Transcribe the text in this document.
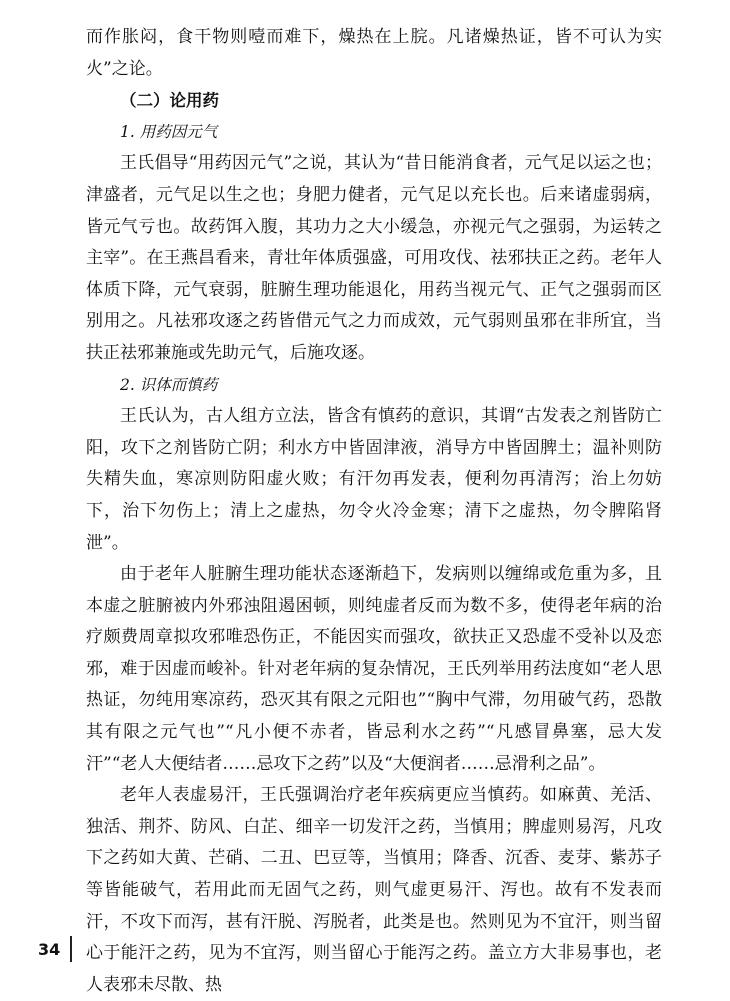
而作胀闷，食干物则噎而难下，燥热在上脘。凡诸燥热证，皆不可认为实火”之论。

（二）论用药

1. 用药因元气

王氏倡导“用药因元气”之说，其认为“昔日能消食者，元气足以运之也；津盛者，元气足以生之也；身肥力健者，元气足以充长也。后来诸虚弱病，皆元气亏也。故药饵入腹，其功力之大小缓急，亦视元气之强弱，为运转之主宰”。在王燕昌看来，青壮年体质强盛，可用攻伐、祛邪扶正之药。老年人体质下降，元气衰弱，脏腑生理功能退化，用药当视元气、正气之强弱而区别用之。凡祛邪攻逐之药皆借元气之力而成效，元气弱则虽邪在非所宜，当扶正祛邪兼施或先助元气，后施攻逐。

2. 识体而慎药

王氏认为，古人组方立法，皆含有慎药的意识，其谓“古发表之剂皆防亡阳，攻下之剂皆防亡阴；利水方中皆固津液，消导方中皆固脾土；温补则防失精失血，寒凉则防阳虚火败；有汗勿再发表，便利勿再清泻；治上勿妨下，治下勿伤上；清上之虚热，勿令火冷金寒；清下之虚热，勿令脾陷肾泄”。

由于老年人脏腑生理功能状态逐渐趋下，发病则以缠绵或危重为多，且本虚之脏腑被内外邪浊阻遏困顿，则纯虚者反而为数不多，使得老年病的治疗颇费周章拟攻邪唯恐伤正，不能因实而强攻，欲扶正又恐虚不受补以及恋邪，难于因虚而峻补。针对老年病的复杂情况，王氏列举用药法度如“老人思热证，勿纯用寒凉药，恐灭其有限之元阳也”“胸中气滞，勿用破气药，恐散其有限之元气也”“凡小便不赤者，皆忌利水之药”“凡感冒鼻塞，忌大发汗”“老人大便结者……忌攻下之药”以及“大便润者……忌滑利之品”。

老年人表虚易汗，王氏强调治疗老年疾病更应当慎药。如麻黄、羌活、独活、荆芥、防风、白芷、细辛一切发汗之药，当慎用；脾虚则易泻，凡攻下之药如大黄、芒硝、二丑、巴豆等，当慎用；降香、沉香、麦芽、紫苏子等皆能破气，若用此而无固气之药，则气虚更易汗、泻也。故有不发表而汗，不攻下而泻，甚有汗脱、泻脱者，此类是也。然则见为不宜汗，则当留心于能汗之药，见为不宜泻，则当留心于能泻之药。盖立方大非易事也，老人表邪未尽散、热

34
